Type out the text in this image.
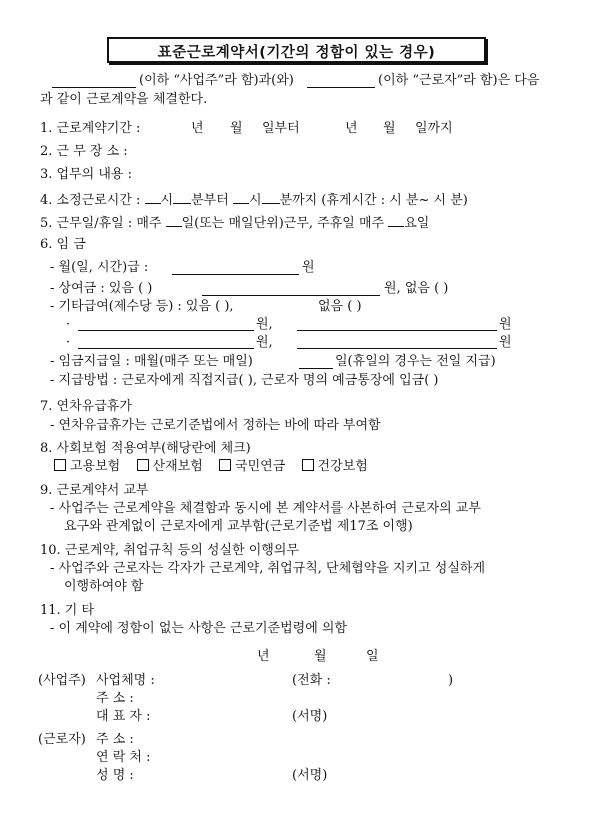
표준근로계약서(기간의 정함이 있는 경우)
(이하 “사업주”라 함)과(와)	(이하 “근로자”라 함)은 다음
과 같이 근로계약을 체결한다.
1. 근로계약기간 :	년 월 일부터	년 월 일까지
2. 근 무 장 소 :
3. 업무의 내용 :
4. 소정근로시간 : 시 분부터 시 분까지 (휴게시간 : 시 분~ 시 분)
5. 근무일/휴일 : 매주 일(또는 매일단위)근무, 주휴일 매주 요일
6. 임 금
- 월(일, 시간)급 :	원
- 상여금 : 있음 ( )	원, 없음 ( )
- 기타급여(제수당 등) : 있음 ( ),	없음 ( )
·	원,	원
·	원,	원
- 임금지급일 : 매월(매주 또는 매일)	일(휴일의 경우는 전일 지급)
- 지급방법 : 근로자에게 직접지급( ), 근로자 명의 예금통장에 입금( )
7. 연차유급휴가
- 연차유급휴가는 근로기준법에서 정하는 바에 따라 부여함
8. 사회보험 적용여부(해당란에 체크)
고용보험 산재보험 국민연금 건강보험
9. 근로계약서 교부
- 사업주는 근로계약을 체결함과 동시에 본 계약서를 사본하여 근로자의 교부
요구와 관계없이 근로자에게 교부함(근로기준법 제17조 이행)
10. 근로계약, 취업규칙 등의 성실한 이행의무
- 사업주와 근로자는 각자가 근로계약, 취업규칙, 단체협약을 지키고 성실하게
이행하여야 함
11. 기 타
- 이 계약에 정함이 없는 사항은 근로기준법령에 의함
년	월	일
(사업주) 사업체명 :	(전화 :	)
주 소 :
대 표 자 :	(서명)
(근로자) 주 소 :
연 락 처 :
성 명 :	(서명)
